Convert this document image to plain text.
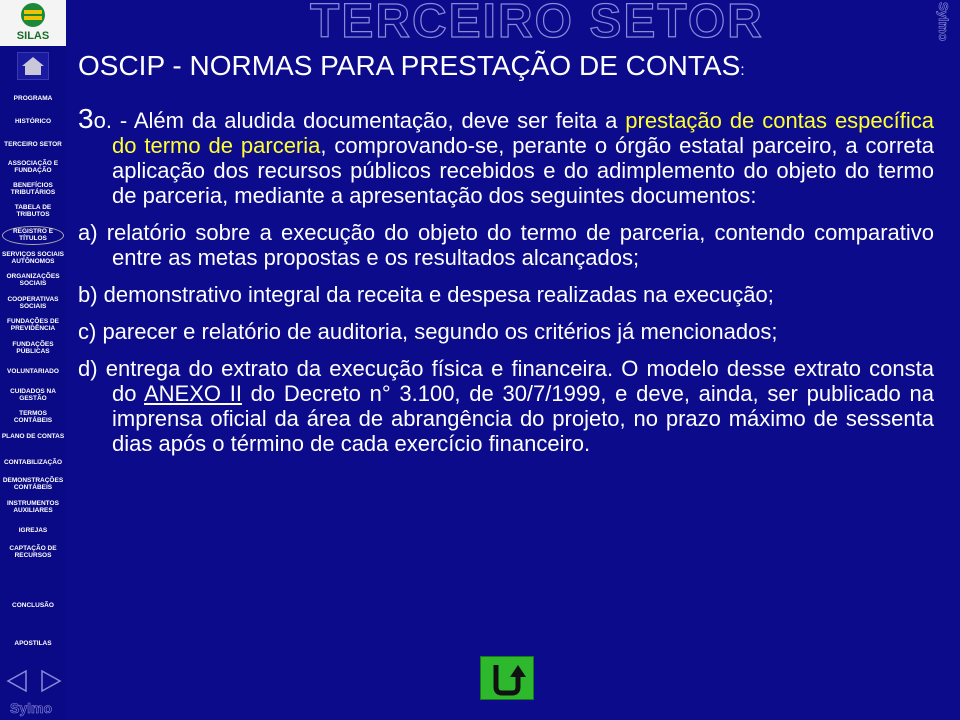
SILAS
PROGRAMA
HISTÓRICO
TERCEIRO SETOR
ASSOCIAÇÃO E FUNDAÇÃO
BENEFÍCIOS TRIBUTÁRIOS
TABELA DE TRIBUTOS
REGISTRO E TÍTULOS
SERVIÇOS SOCIAIS AUTÔNOMOS
ORGANIZAÇÕES SOCIAIS
COOPERATIVAS SOCIAIS
FUNDAÇÕES DE PREVIDÊNCIA
FUNDAÇÕES PÚBLICAS
VOLUNTARIADO
CUIDADOS NA GESTÃO
TERMOS CONTÁBEIS
PLANO DE CONTAS
CONTABILIZAÇÃO
DEMONSTRAÇÕES CONTÁBEIS
INSTRUMENTOS AUXILIARES
IGREJAS
CAPTAÇÃO DE RECURSOS
CONCLUSÃO
APOSTILAS
Sylmo
TERCEIRO SETOR	Sylmo
OSCIP - NORMAS PARA PRESTAÇÃO DE CONTAS:

3o. - Além da aludida documentação, deve ser feita a prestação de contas específica do termo de parceria, comprovando-se, perante o órgão estatal parceiro, a correta aplicação dos recursos públicos recebidos e do adimplemento do objeto do termo de parceria, mediante a apresentação dos seguintes documentos:

a) relatório sobre a execução do objeto do termo de parceria, contendo comparativo entre as metas propostas e os resultados alcançados;

b) demonstrativo integral da receita e despesa realizadas na execução;

c) parecer e relatório de auditoria, segundo os critérios já mencionados;

d) entrega do extrato da execução física e financeira. O modelo desse extrato consta do ANEXO II do Decreto n° 3.100, de 30/7/1999, e deve, ainda, ser publicado na imprensa oficial da área de abrangência do projeto, no prazo máximo de sessenta dias após o término de cada exercício financeiro.
